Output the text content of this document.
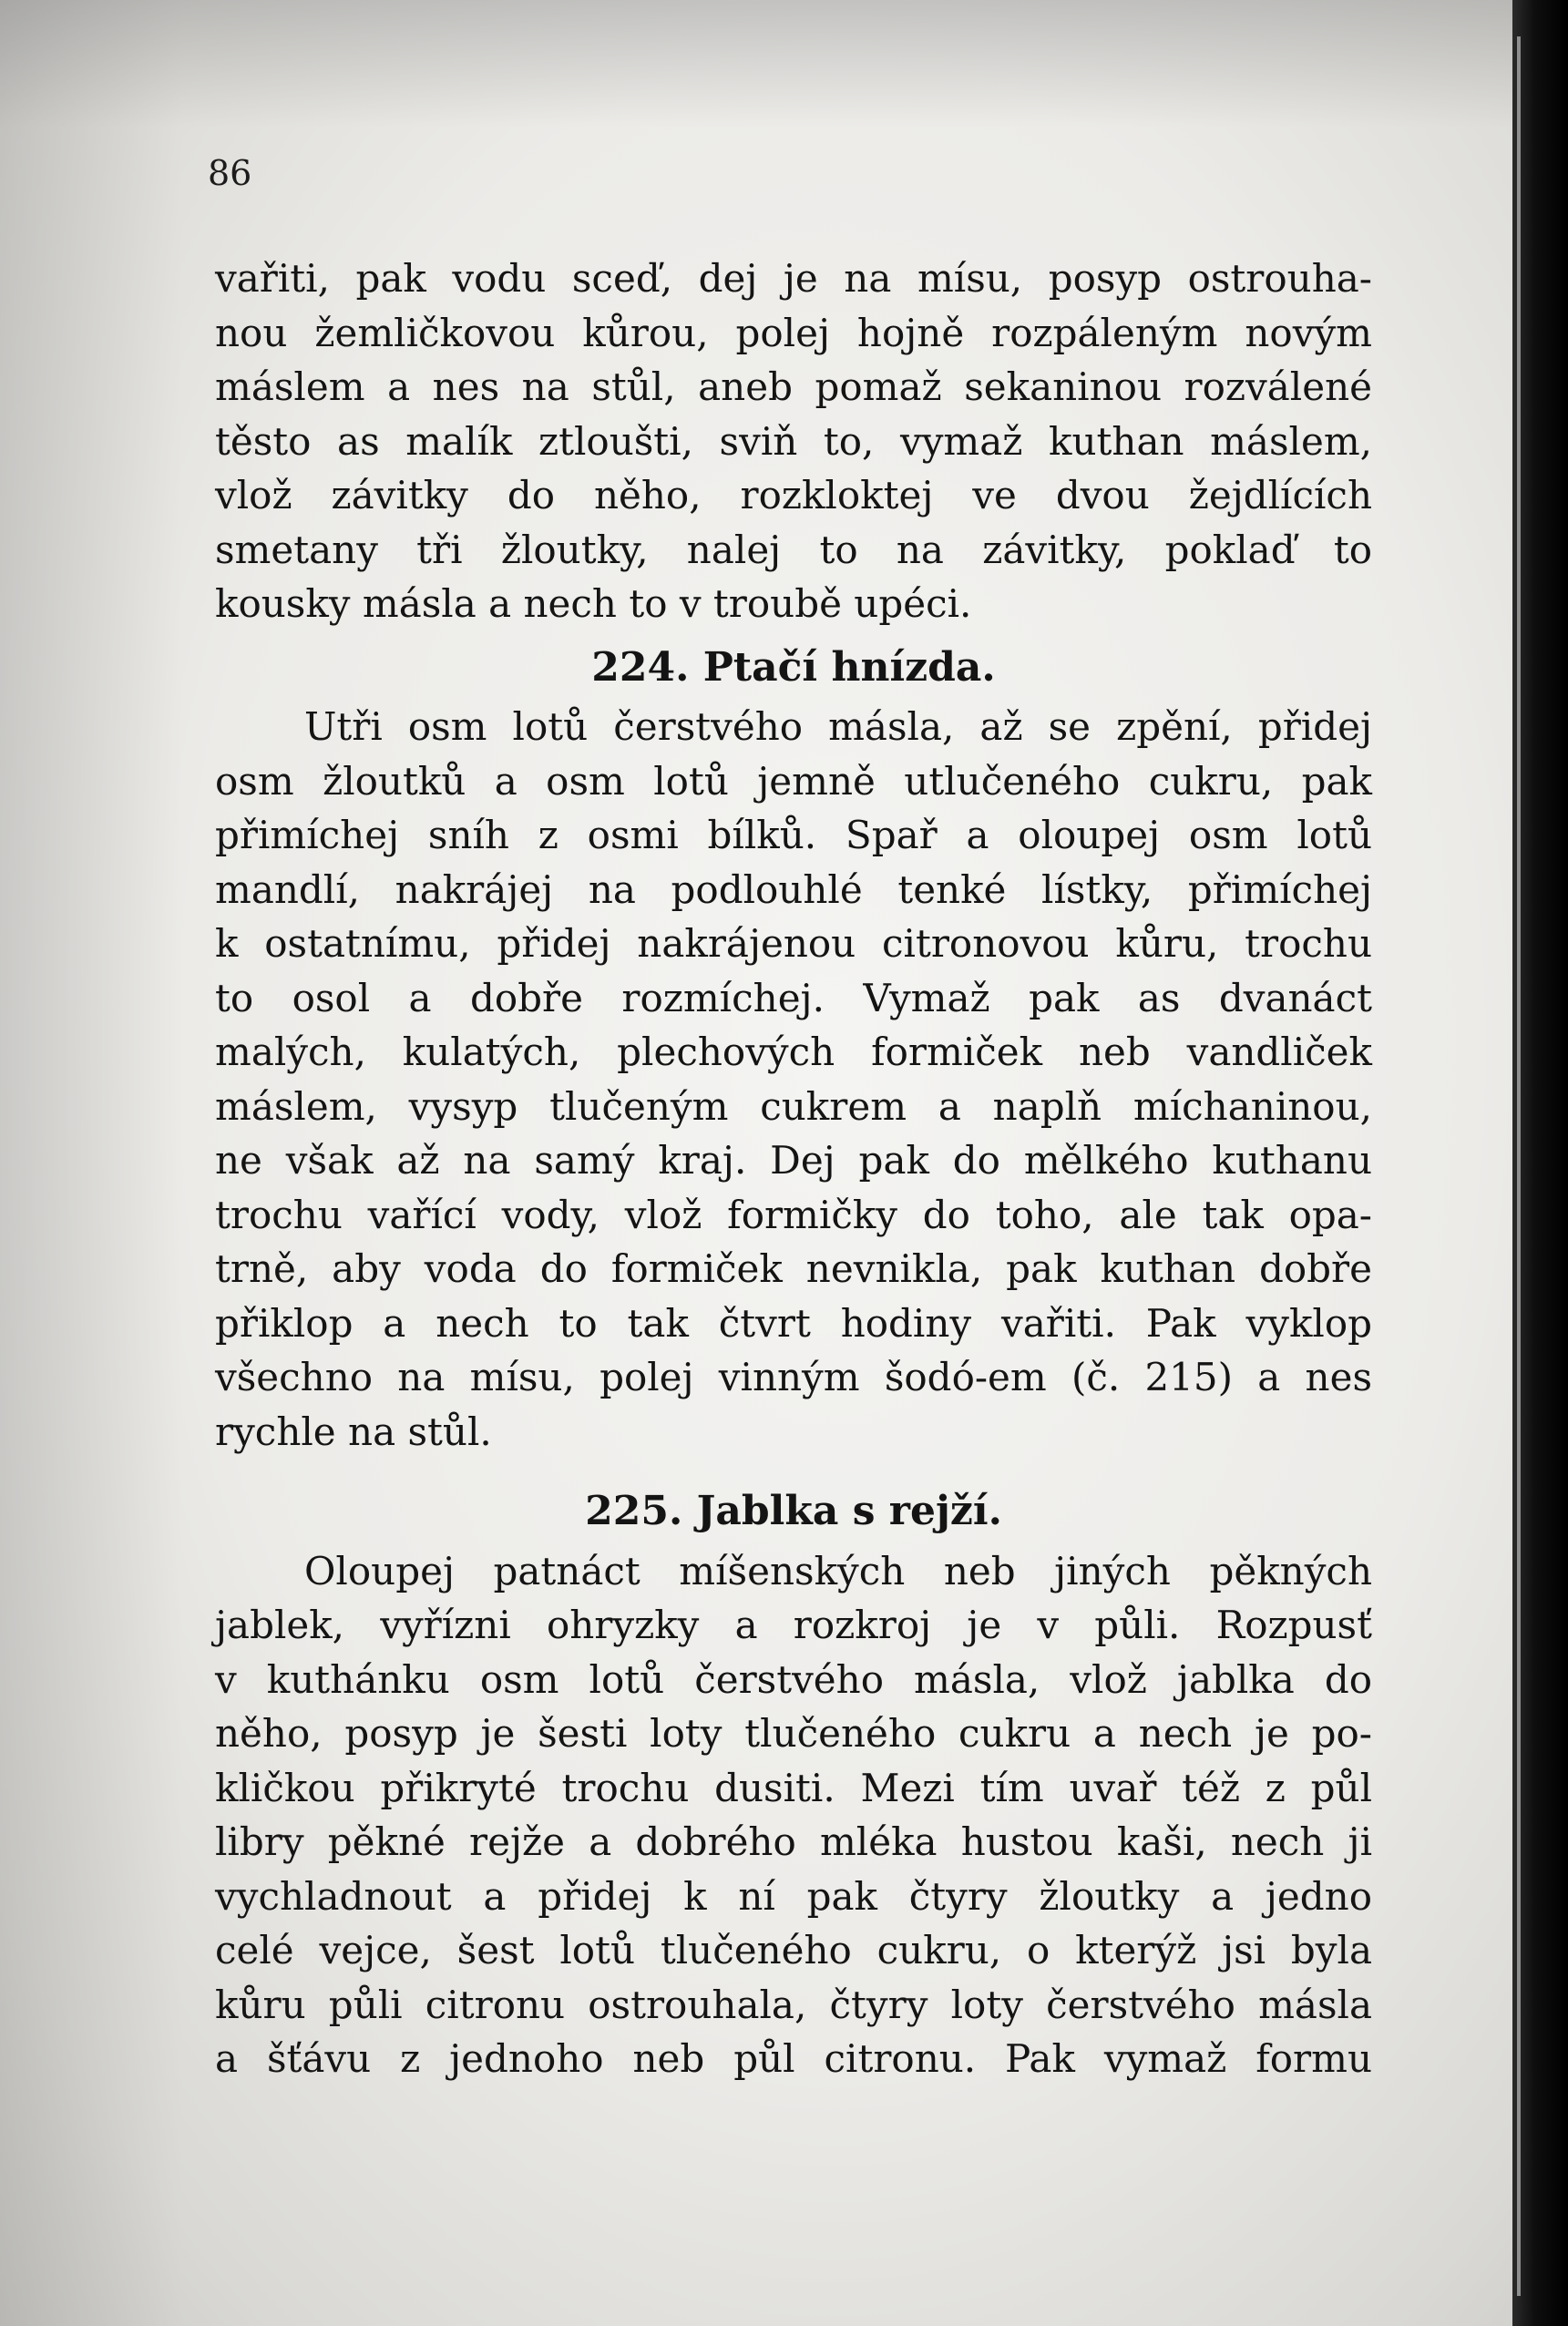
86
vařiti, pak vodu sceď, dej je na mísu, posyp ostrouha-
nou žemličkovou kůrou, polej hojně rozpáleným novým
máslem a nes na stůl, aneb pomaž sekaninou rozválené
těsto as malík ztloušti, sviň to, vymaž kuthan máslem,
vlož závitky do něho, rozkloktej ve dvou žejdlících
smetany tři žloutky, nalej to na závitky, poklaď to
kousky másla a nech to v troubě upéci.
224. Ptačí hnízda.
Utři osm lotů čerstvého másla, až se zpění, přidej
osm žloutků a osm lotů jemně utlučeného cukru, pak
přimíchej sníh z osmi bílků. Spař a oloupej osm lotů
mandlí, nakrájej na podlouhlé tenké lístky, přimíchej
k ostatnímu, přidej nakrájenou citronovou kůru, trochu
to osol a dobře rozmíchej. Vymaž pak as dvanáct
malých, kulatých, plechových formiček neb vandliček
máslem, vysyp tlučeným cukrem a naplň míchaninou,
ne však až na samý kraj. Dej pak do mělkého kuthanu
trochu vařící vody, vlož formičky do toho, ale tak opa-
trně, aby voda do formiček nevnikla, pak kuthan dobře
přiklop a nech to tak čtvrt hodiny vařiti. Pak vyklop
všechno na mísu, polej vinným šodó-em (č. 215) a nes
rychle na stůl.
225. Jablka s rejží.
Oloupej patnáct míšenských neb jiných pěkných
jablek, vyřízni ohryzky a rozkroj je v půli. Rozpusť
v kuthánku osm lotů čerstvého másla, vlož jablka do
něho, posyp je šesti loty tlučeného cukru a nech je po-
kličkou přikryté trochu dusiti. Mezi tím uvař též z půl
libry pěkné rejže a dobrého mléka hustou kaši, nech ji
vychladnout a přidej k ní pak čtyry žloutky a jedno
celé vejce, šest lotů tlučeného cukru, o kterýž jsi byla
kůru půli citronu ostrouhala, čtyry loty čerstvého másla
a šťávu z jednoho neb půl citronu. Pak vymaž formu
